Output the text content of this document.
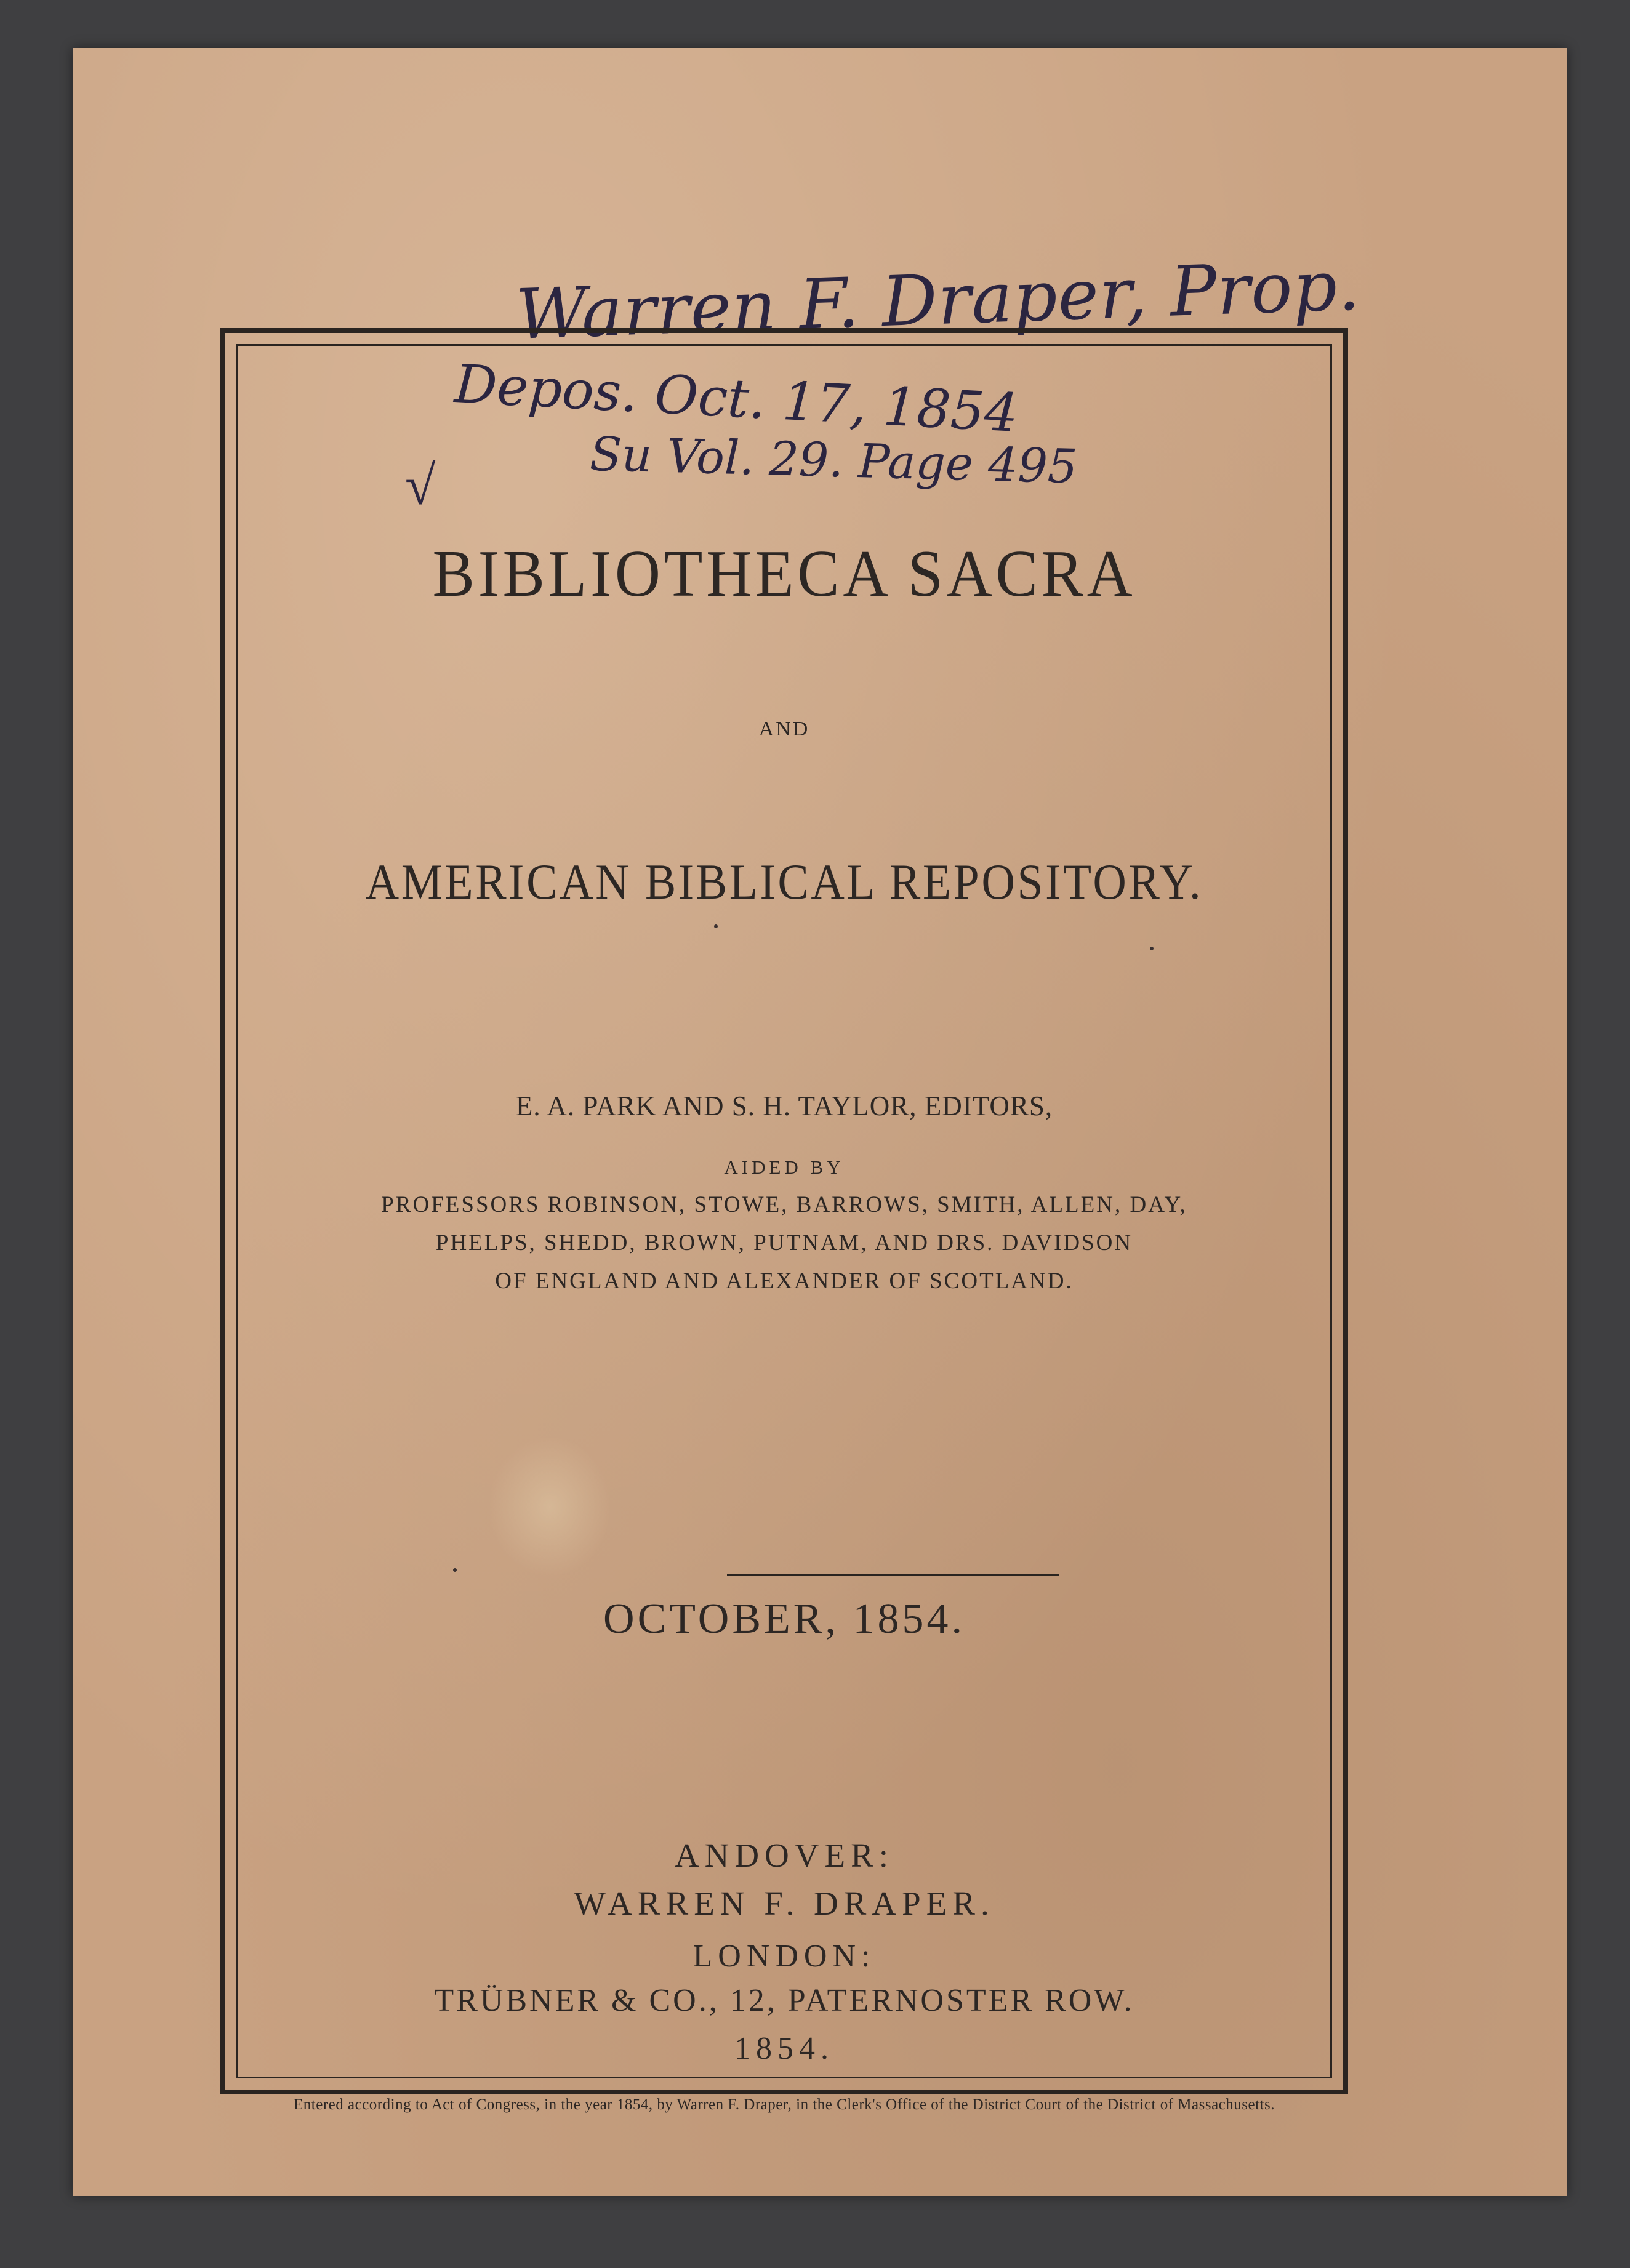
Warren F. Draper, Prop.
√
BIBLIOTHECA SACRA
AND
AMERICAN BIBLICAL REPOSITORY.
E. A. PARK AND S. H. TAYLOR, EDITORS,
AIDED BY
PROFESSORS ROBINSON, STOWE, BARROWS, SMITH, ALLEN, DAY,
PHELPS, SHEDD, BROWN, PUTNAM, AND DRS. DAVIDSON
OF ENGLAND AND ALEXANDER OF SCOTLAND.
OCTOBER, 1854.
ANDOVER:
WARREN F. DRAPER.
LONDON:
TRÜBNER & CO., 12, PATERNOSTER ROW.
1854.
Depos. Oct. 17, 1854
Su Vol. 29. Page 495
Entered according to Act of Congress, in the year 1854, by Warren F. Draper, in the Clerk's Office of the District Court of the District of Massachusetts.
